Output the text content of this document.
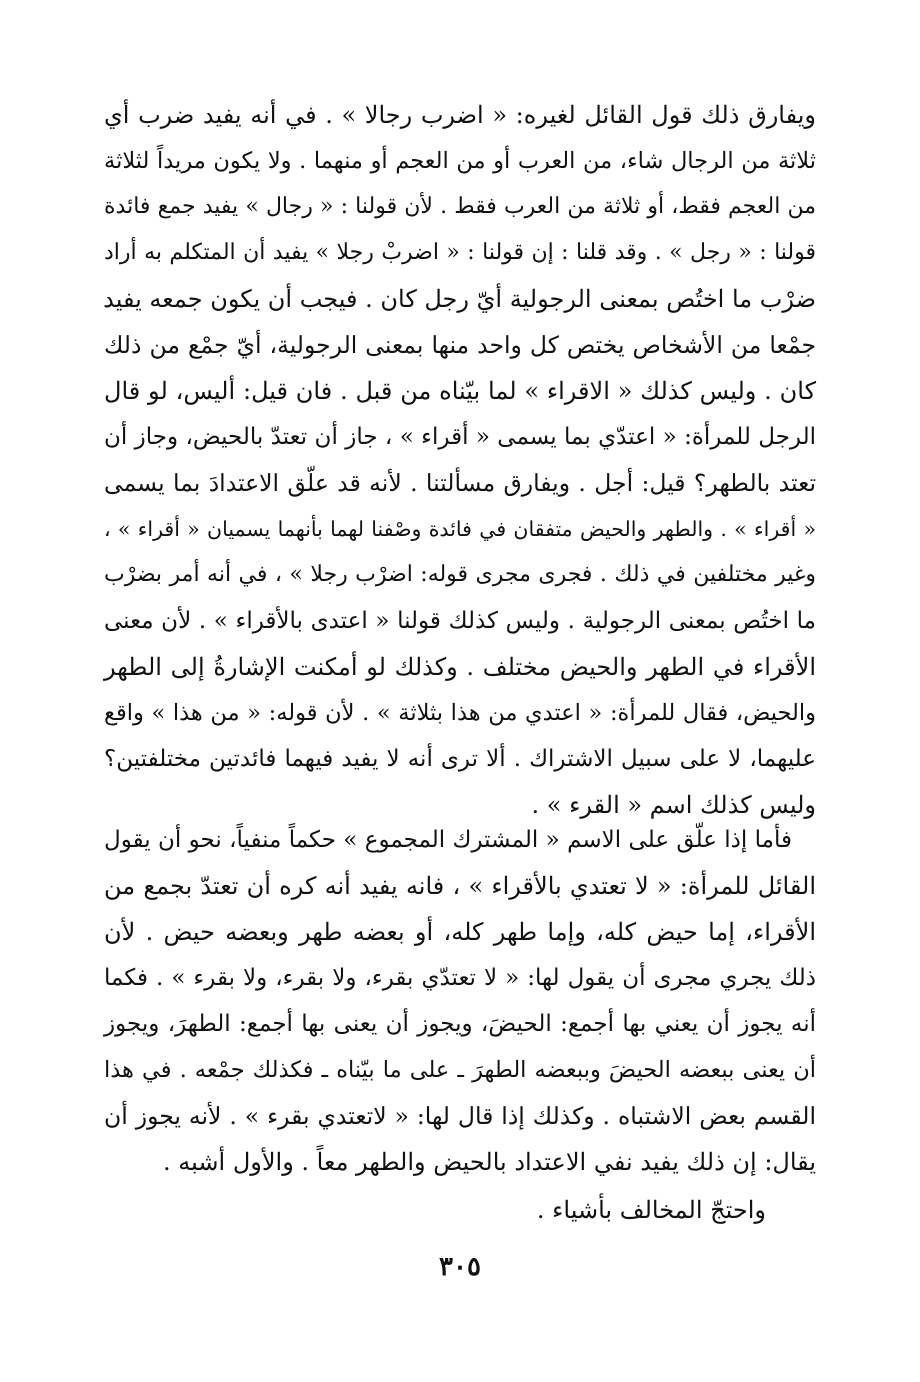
ويفارق ذلك قول القائل لغيره: « اضرب رجالا » . في أنه يفيد ضرب أي
ثلاثة من الرجال شاء، من العرب أو من العجم أو منهما . ولا يكون مريداً لثلاثة
من العجم فقط، أو ثلاثة من العرب فقط . لأن قولنا : « رجال » يفيد جمع فائدة
قولنا : « رجل » . وقد قلنا : إن قولنا : « اضربْ رجلا » يفيد أن المتكلم به أراد
ضرْب ما اختُص بمعنى الرجولية أيّ رجل كان . فيجب أن يكون جمعه يفيد
جمْعا من الأشخاص يختص كل واحد منها بمعنى الرجولية، أيّ جمْع من ذلك
كان . وليس كذلك « الاقراء » لما بيّناه من قبل . فان قيل: أليس، لو قال
الرجل للمرأة: « اعتدّي بما يسمى « أقراء » ، جاز أن تعتدّ بالحيض، وجاز أن
تعتد بالطهر؟ قيل: أجل . ويفارق مسألتنا . لأنه قد علّق الاعتدادَ بما يسمى
« أقراء » . والطهر والحيض متفقان في فائدة وصْفنا لهما بأنهما يسميان « أقراء » ،
وغير مختلفين في ذلك . فجرى مجرى قوله: اضرْب رجلا » ، في أنه أمر بضرْب
ما اختُص بمعنى الرجولية . وليس كذلك قولنا « اعتدى بالأقراء » . لأن معنى
الأقراء في الطهر والحيض مختلف . وكذلك لو أمكنت الإشارةُ إلى الطهر
والحيض، فقال للمرأة: « اعتدي من هذا بثلاثة » . لأن قوله: « من هذا » واقع
عليهما، لا على سبيل الاشتراك . ألا ترى أنه لا يفيد فيهما فائدتين مختلفتين؟
وليس كذلك اسم « القرء » .
فأما إذا علّق على الاسم « المشترك المجموع » حكماً منفياً، نحو أن يقول
القائل للمرأة: « لا تعتدي بالأقراء » ، فانه يفيد أنه كره أن تعتدّ بجمع من
الأقراء، إما حيض كله، وإما طهر كله، أو بعضه طهر وبعضه حيض . لأن
ذلك يجري مجرى أن يقول لها: « لا تعتدّي بقرء، ولا بقرء، ولا بقرء » . فكما
أنه يجوز أن يعني بها أجمع: الحيضَ، ويجوز أن يعنى بها أجمع: الطهرَ، ويجوز
أن يعنى ببعضه الحيضَ وببعضه الطهرَ ـ على ما بيّناه ـ فكذلك جمْعه . في هذا
القسم بعض الاشتباه . وكذلك إذا قال لها: « لاتعتدي بقرء » . لأنه يجوز أن
يقال: إن ذلك يفيد نفي الاعتداد بالحيض والطهر معاً . والأول أشبه .
واحتجّ المخالف بأشياء .
٣٠٥
